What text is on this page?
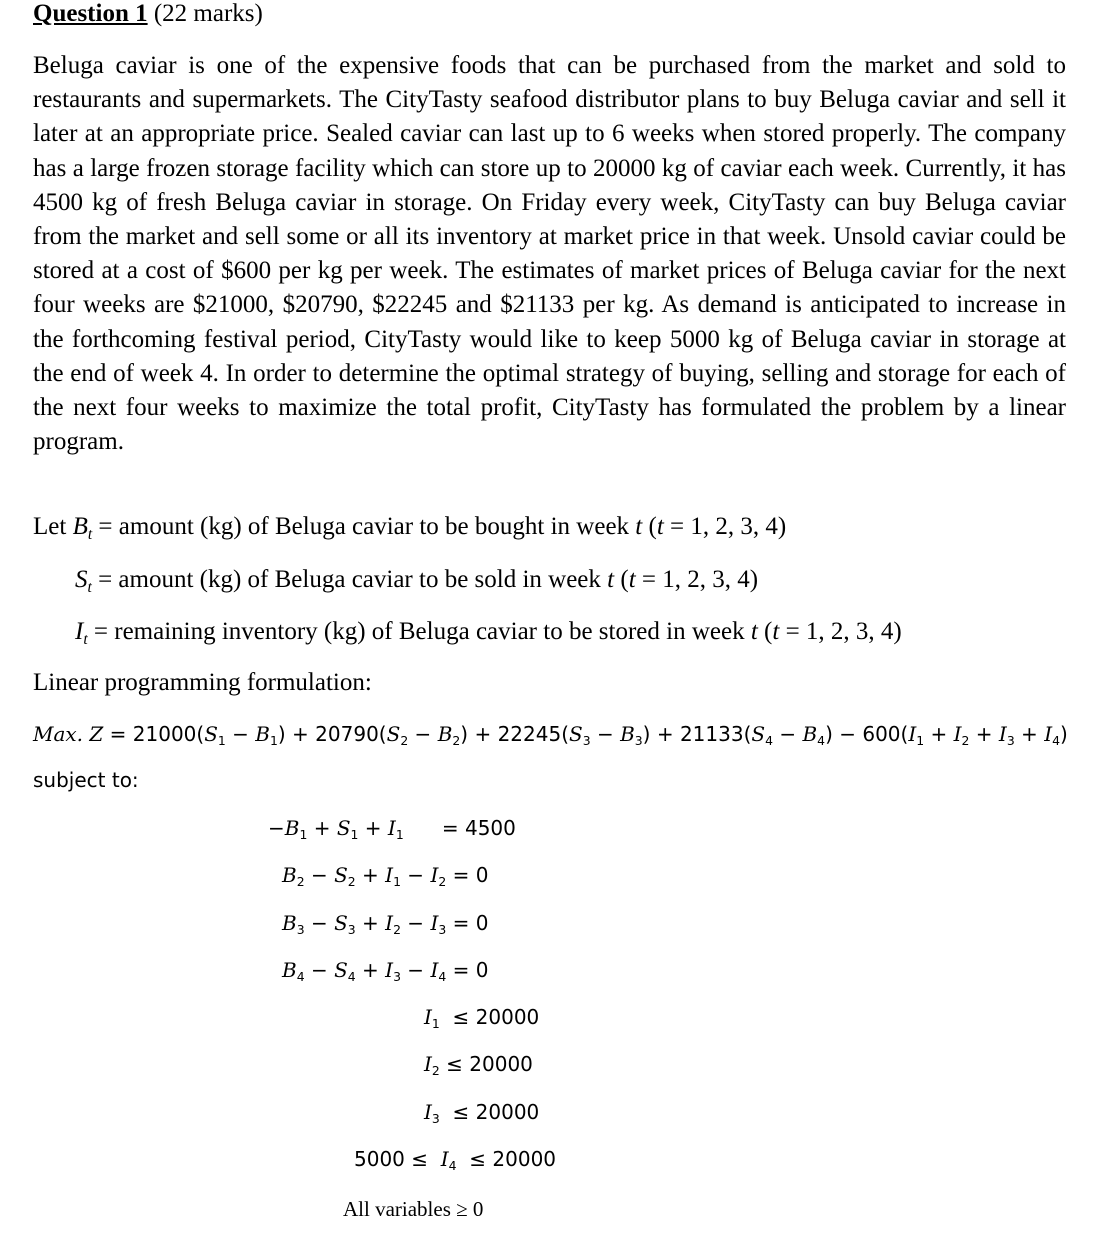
Question 1 (22 marks)
Beluga caviar is one of the expensive foods that can be purchased from the market and sold to restaurants and supermarkets. The CityTasty seafood distributor plans to buy Beluga caviar and sell it later at an appropriate price. Sealed caviar can last up to 6 weeks when stored properly. The company has a large frozen storage facility which can store up to 20000 kg of caviar each week. Currently, it has 4500 kg of fresh Beluga caviar in storage. On Friday every week, CityTasty can buy Beluga caviar from the market and sell some or all its inventory at market price in that week. Unsold caviar could be stored at a cost of $600 per kg per week. The estimates of market prices of Beluga caviar for the next four weeks are $21000, $20790, $22245 and $21133 per kg. As demand is anticipated to increase in the forthcoming festival period, CityTasty would like to keep 5000 kg of Beluga caviar in storage at the end of week 4. In order to determine the optimal strategy of buying, selling and storage for each of the next four weeks to maximize the total profit, CityTasty has formulated the problem by a linear program.
Let $B_t$ = amount (kg) of Beluga caviar to be bought in week t (t = 1, 2, 3, 4)
$S_t$ = amount (kg) of Beluga caviar to be sold in week t (t = 1, 2, 3, 4)
$I_t$ = remaining inventory (kg) of Beluga caviar to be stored in week t (t = 1, 2, 3, 4)
Linear programming formulation:
Max. $Z = 21000(S_1 - B_1) + 20790(S_2 - B_2) + 22245(S_3 - B_3) + 21133(S_4 - B_4) - 600(I_1 + I_2 + I_3 + I_4)$
subject to:
$-B_1 + S_1 + I_1$      = 4500
$B_2 - S_2 + I_1 - I_2 = 0$
$B_3 - S_3 + I_2 - I_3 = 0$
$B_4 - S_4 + I_3 - I_4 = 0$
$I_1 \le 20000$
$I_2 \le 20000$
$I_3 \le 20000$
$5000 \le I_4 \le 20000$
All variables ≥ 0
